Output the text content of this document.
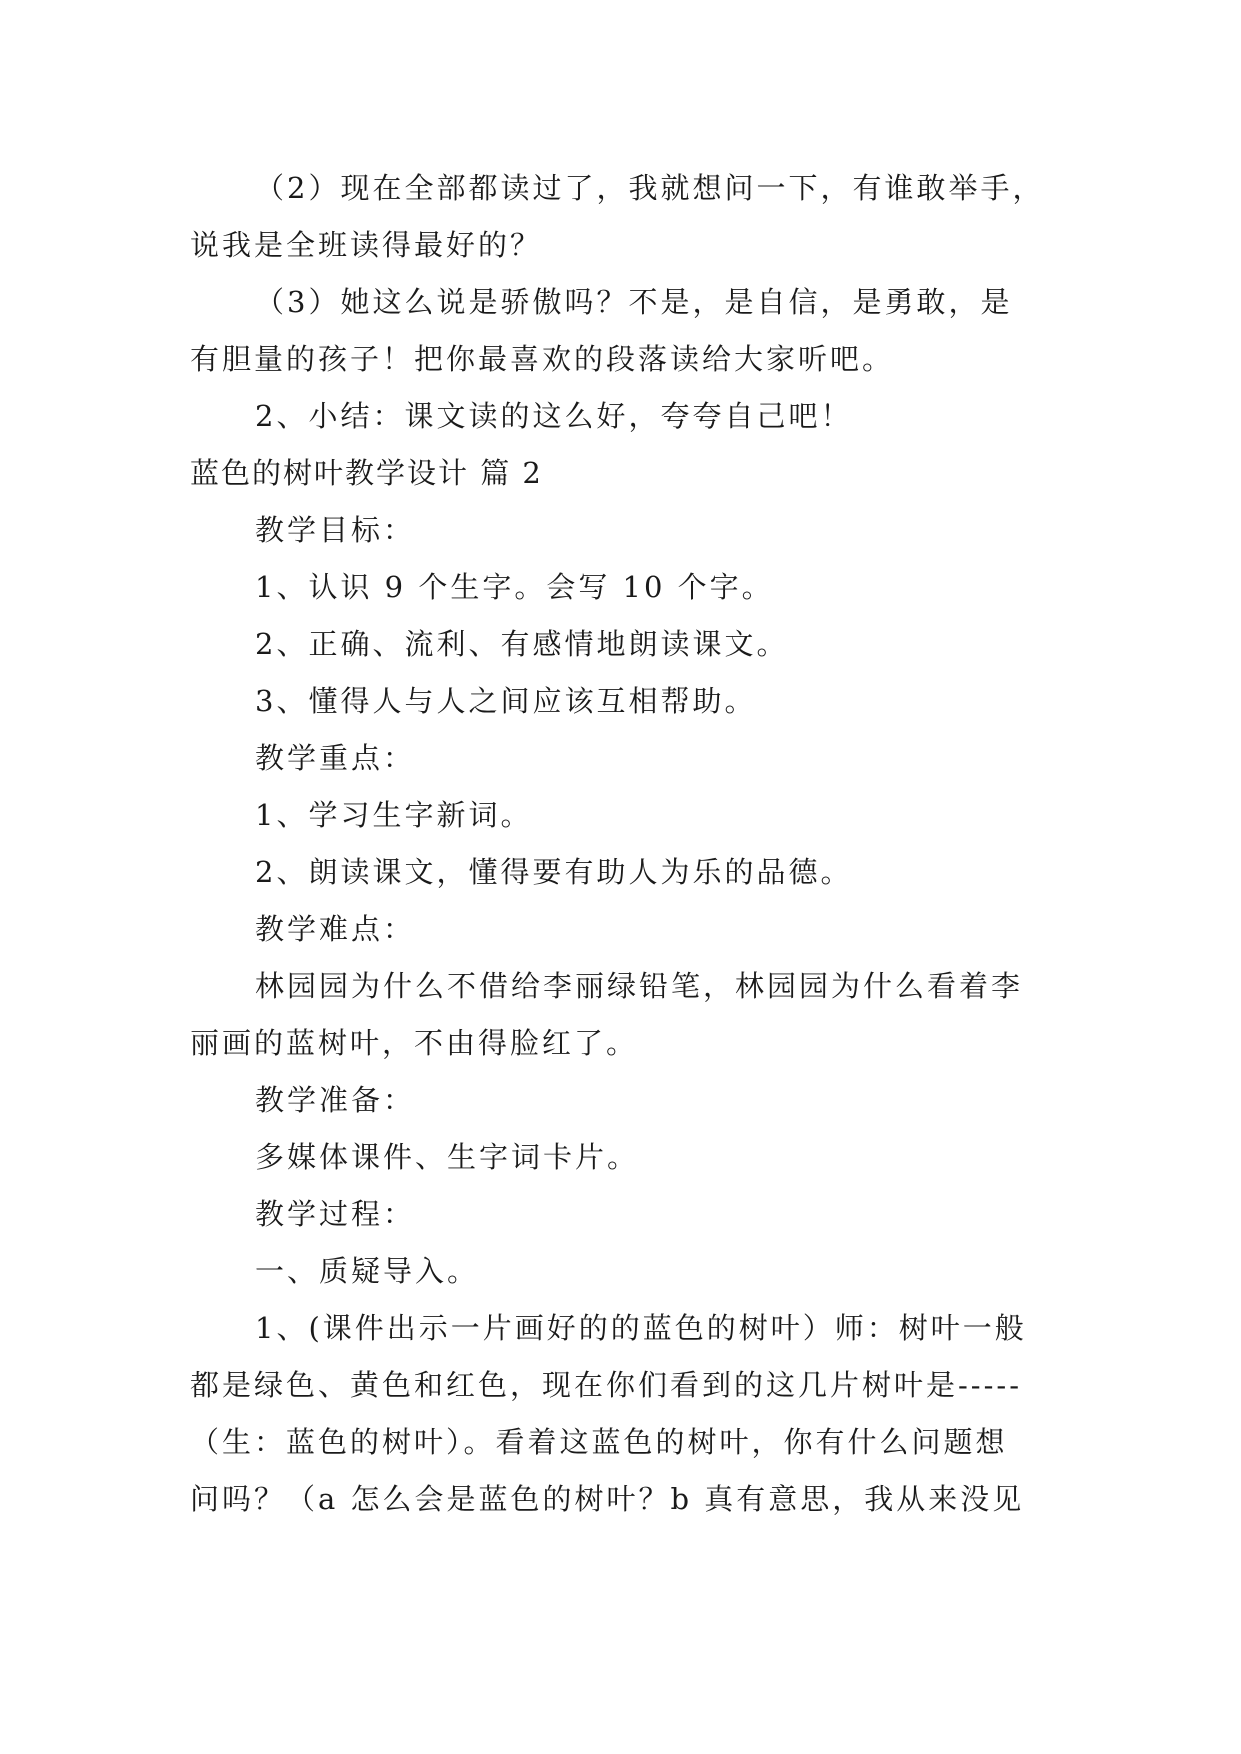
（2）现在全部都读过了，我就想问一下，有谁敢举手，
说我是全班读得最好的？
（3）她这么说是骄傲吗？不是，是自信，是勇敢，是
有胆量的孩子！把你最喜欢的段落读给大家听吧。
2、小结：课文读的这么好，夸夸自己吧！
蓝色的树叶教学设计 篇 2
教学目标：
1、认识 9 个生字。会写 10 个字。
2、正确、流利、有感情地朗读课文。
3、懂得人与人之间应该互相帮助。
教学重点：
1、学习生字新词。
2、朗读课文，懂得要有助人为乐的品德。
教学难点：
林园园为什么不借给李丽绿铅笔，林园园为什么看着李
丽画的蓝树叶，不由得脸红了。
教学准备：
多媒体课件、生字词卡片。
教学过程：
一、质疑导入。
1、(课件出示一片画好的的蓝色的树叶）师：树叶一般
都是绿色、黄色和红色，现在你们看到的这几片树叶是-----
（生：蓝色的树叶）。看着这蓝色的树叶，你有什么问题想
问吗？（a 怎么会是蓝色的树叶？b 真有意思，我从来没见
